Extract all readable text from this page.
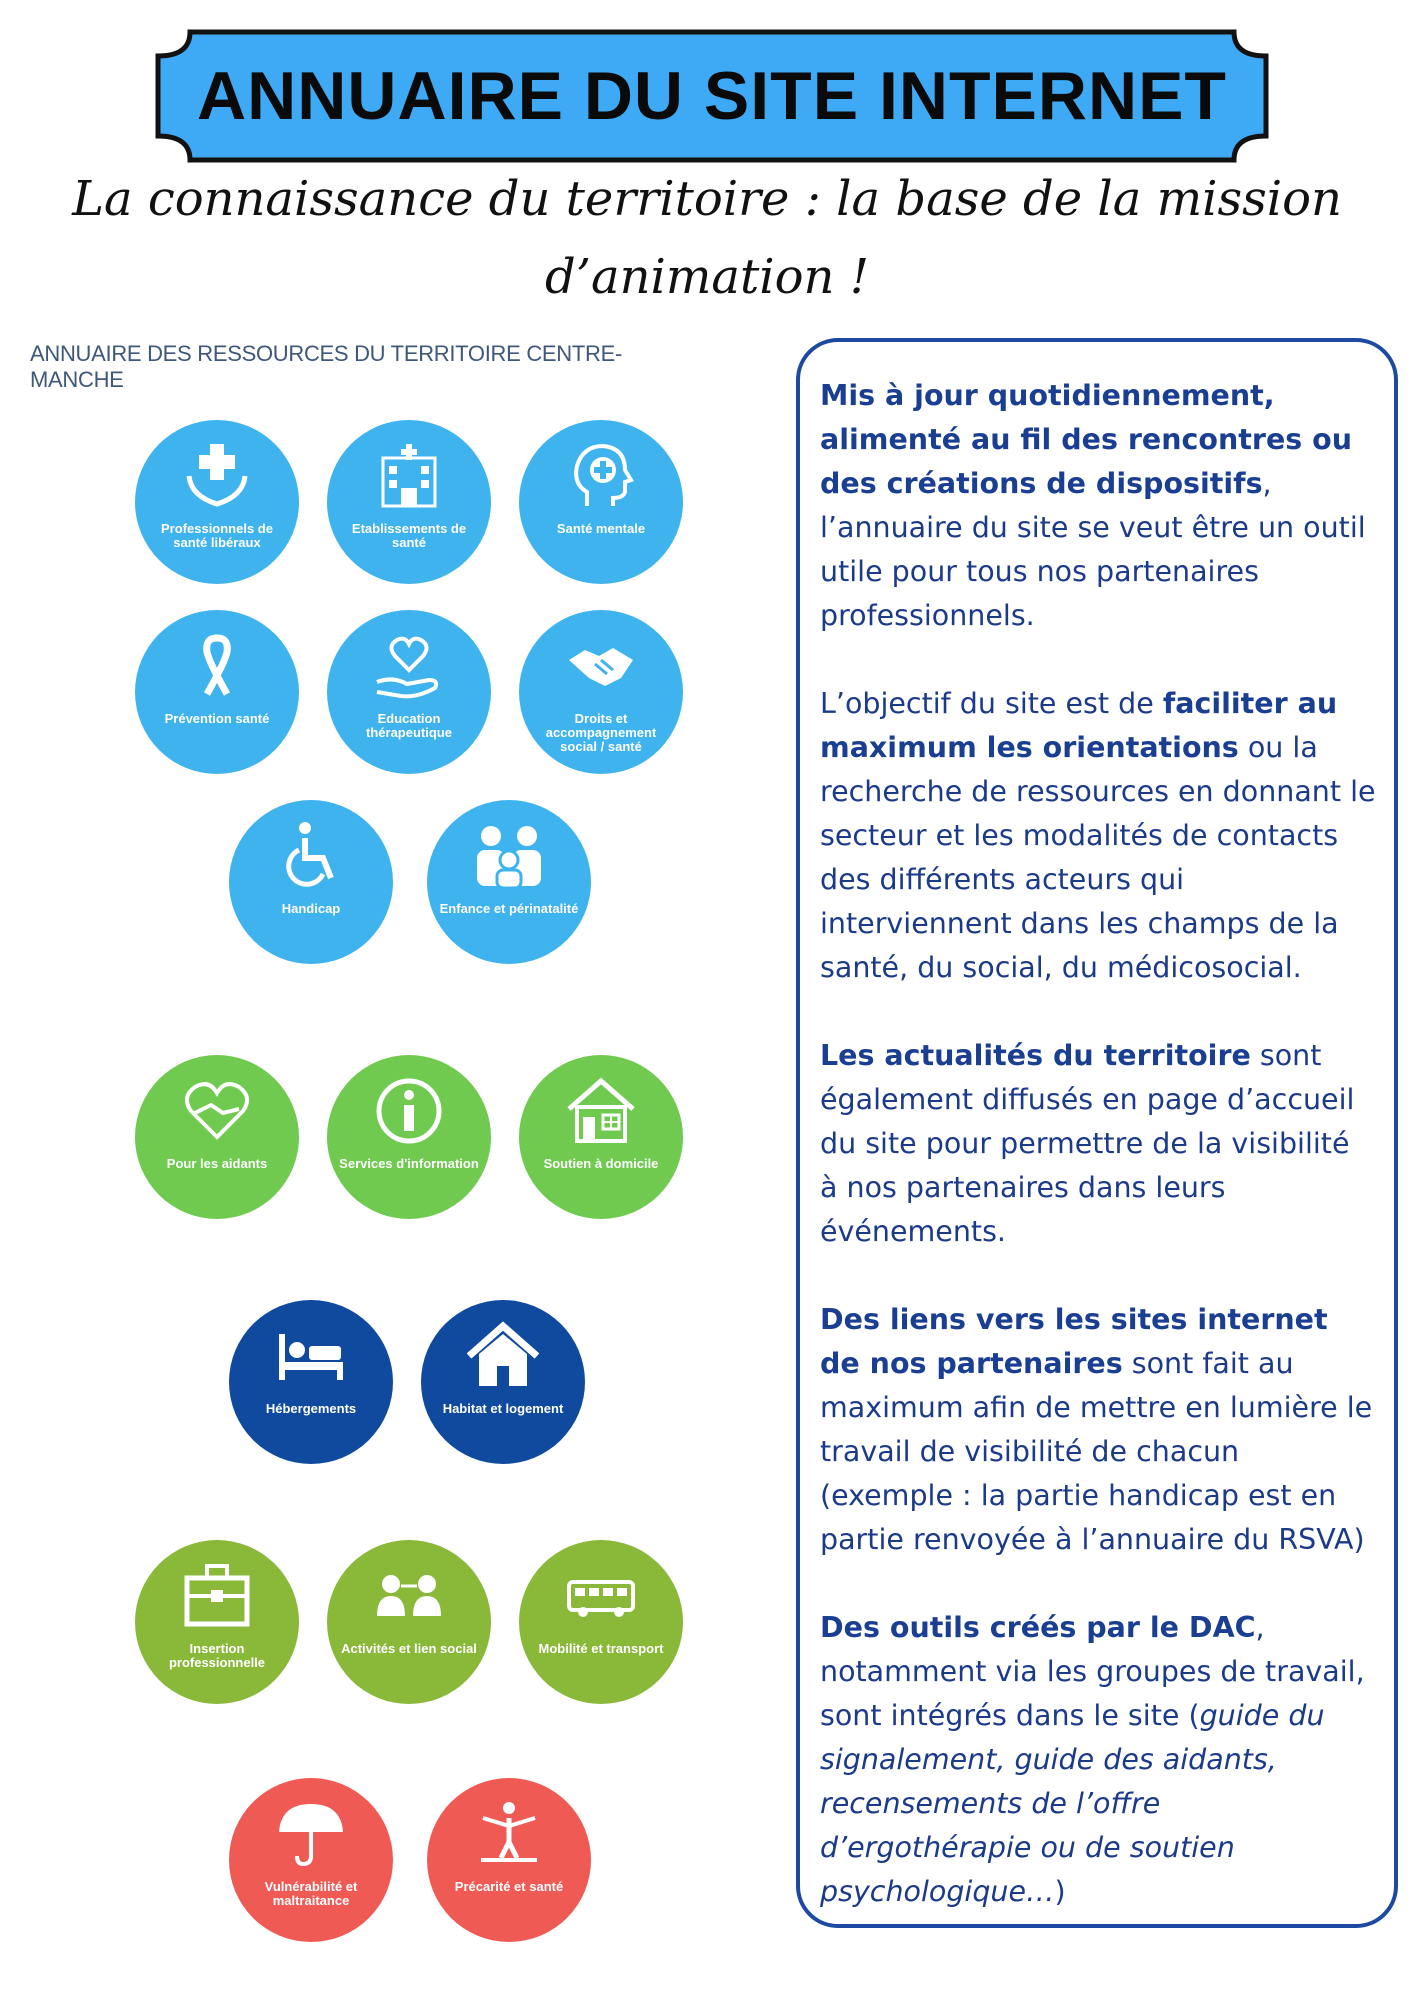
ANNUAIRE DU SITE INTERNET
La connaissance du territoire : la base de la mission d’animation !
ANNUAIRE DES RESSOURCES DU TERRITOIRE CENTRE-MANCHE
Professionnels de santé libéraux
Etablissements de santé
Santé mentale
Prévention santé	Education thérapeutique
Droits et accompagnement social / santé
Handicap	Enfance et périnatalité
Pour les aidants	Services d'information	Soutien à domicile
Hébergements	Habitat et logement
Insertion professionnelle
Activités et lien social	Mobilité et transport
Vulnérabilité et maltraitance
Précarité et santé

Mis à jour quotidiennement, alimenté au fil des rencontres ou des créations de dispositifs, l’annuaire du site se veut être un outil utile pour tous nos partenaires professionnels.

L’objectif du site est de faciliter au maximum les orientations ou la recherche de ressources en donnant le secteur et les modalités de contacts des différents acteurs qui interviennent dans les champs de la santé, du social, du médicosocial.

Les actualités du territoire sont également diffusés en page d’accueil du site pour permettre de la visibilité à nos partenaires dans leurs événements.

Des liens vers les sites internet de nos partenaires sont fait au maximum afin de mettre en lumière le travail de visibilité de chacun (exemple : la partie handicap est en partie renvoyée à l’annuaire du RSVA)

Des outils créés par le DAC, notamment via les groupes de travail, sont intégrés dans le site (guide du signalement, guide des aidants, recensements de l’offre d’ergothérapie ou de soutien psychologique…)
